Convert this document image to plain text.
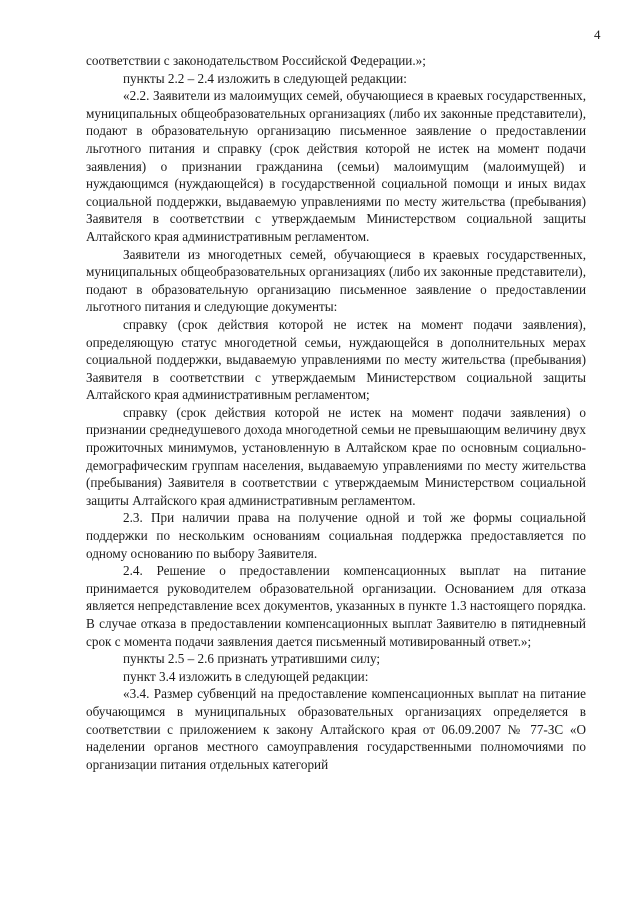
4

соответствии с законодательством Российской Федерации.»;

пункты 2.2 – 2.4 изложить в следующей редакции:

«2.2. Заявители из малоимущих семей, обучающиеся в краевых государственных, муниципальных общеобразовательных организациях (либо их законные представители), подают в образовательную организацию письменное заявление о предоставлении льготного питания и справку (срок действия которой не истек на момент подачи заявления) о признании гражданина (семьи) малоимущим (малоимущей) и нуждающимся (нуждающейся) в государственной социальной помощи и иных видах социальной поддержки, выдаваемую управлениями по месту жительства (пребывания) Заявителя в соответствии с утверждаемым Министерством социальной защиты Алтайского края административным регламентом.

Заявители из многодетных семей, обучающиеся в краевых государственных, муниципальных общеобразовательных организациях (либо их законные представители), подают в образовательную организацию письменное заявление о предоставлении льготного питания и следующие документы:

справку (срок действия которой не истек на момент подачи заявления), определяющую статус многодетной семьи, нуждающейся в дополнительных мерах социальной поддержки, выдаваемую управлениями по месту жительства (пребывания) Заявителя в соответствии с утверждаемым Министерством социальной защиты Алтайского края административным регламентом;

справку (срок действия которой не истек на момент подачи заявления) о признании среднедушевого дохода многодетной семьи не превышающим величину двух прожиточных минимумов, установленную в Алтайском крае по основным социально-демографическим группам населения, выдаваемую управлениями по месту жительства (пребывания) Заявителя в соответствии с утверждаемым Министерством социальной защиты Алтайского края административным регламентом.

2.3. При наличии права на получение одной и той же формы социальной поддержки по нескольким основаниям социальная поддержка предоставляется по одному основанию по выбору Заявителя.

2.4. Решение о предоставлении компенсационных выплат на питание принимается руководителем образовательной организации. Основанием для отказа является непредставление всех документов, указанных в пункте 1.3 настоящего порядка. В случае отказа в предоставлении компенсационных выплат Заявителю в пятидневный срок с момента подачи заявления дается письменный мотивированный ответ.»;

пункты 2.5 – 2.6 признать утратившими силу;

пункт 3.4 изложить в следующей редакции:

«3.4. Размер субвенций на предоставление компенсационных выплат на питание обучающимся в муниципальных образовательных организациях определяется в соответствии с приложением к закону Алтайского края от 06.09.2007 № 77-ЗС «О наделении органов местного самоуправления государственными полномочиями по организации питания отдельных категорий
